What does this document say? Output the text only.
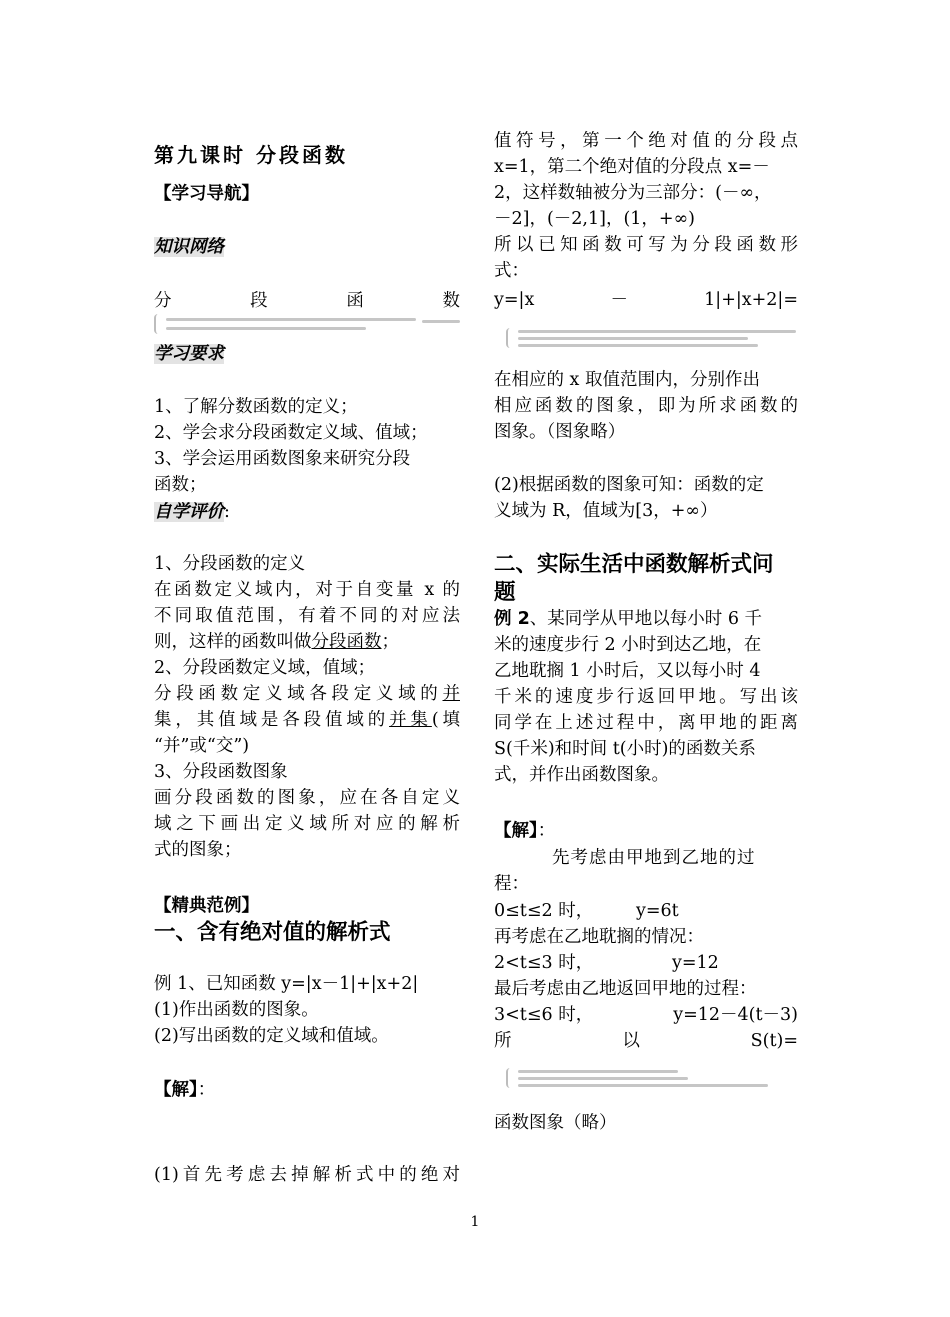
第九课时 分段函数
【学习导航】
知识网络
分	段	函	数
学习要求
1、了解分数函数的定义；
2、学会求分段函数定义域、值域；
3、学会运用函数图象来研究分段
函数；
自学评价:
1、分段函数的定义
在函数定义域内，对于自变量 x 的
不同取值范围，有着不同的对应法
则，这样的函数叫做分段函数；
2、分段函数定义域，值域；
分段函数定义域各段定义域的并
集，其值域是各段值域的并集(填
“并”或“交”)
3、分段函数图象
画分段函数的图象，应在各自定义
域之下画出定义域所对应的解析
式的图象；
【精典范例】
一、含有绝对值的解析式
例 1、已知函数 y=|x－1|+|x+2|
(1)作出函数的图象。
(2)写出函数的定义域和值域。
【解】：
(1)首先考虑去掉解析式中的绝对
值符号，第一个绝对值的分段点
x=1，第二个绝对值的分段点 x=－
2，这样数轴被分为三部分：(－∞，
－2]，(－2,1]，(1，+∞)
所以已知函数可写为分段函数形
式：
y=|x	－	1|+|x+2|=
在相应的 x 取值范围内，分别作出
相应函数的图象，即为所求函数的
图象。（图象略）
(2)根据函数的图象可知：函数的定
义域为 R，值域为[3，+∞）
二、实际生活中函数解析式问
题
例 2、某同学从甲地以每小时 6 千
米的速度步行 2 小时到达乙地，在
乙地耽搁 1 小时后，又以每小时 4
千米的速度步行返回甲地。写出该
同学在上述过程中，离甲地的距离
S(千米)和时间 t(小时)的函数关系
式，并作出函数图象。
【解】：
先考虑由甲地到乙地的过
程：
0≤t≤2 时， y=6t
再考虑在乙地耽搁的情况：
2<t≤3 时，	y=12
最后考虑由乙地返回甲地的过程：
3<t≤6 时，	y=12－4(t－3)
所	以	S(t)=
函数图象（略）
1
